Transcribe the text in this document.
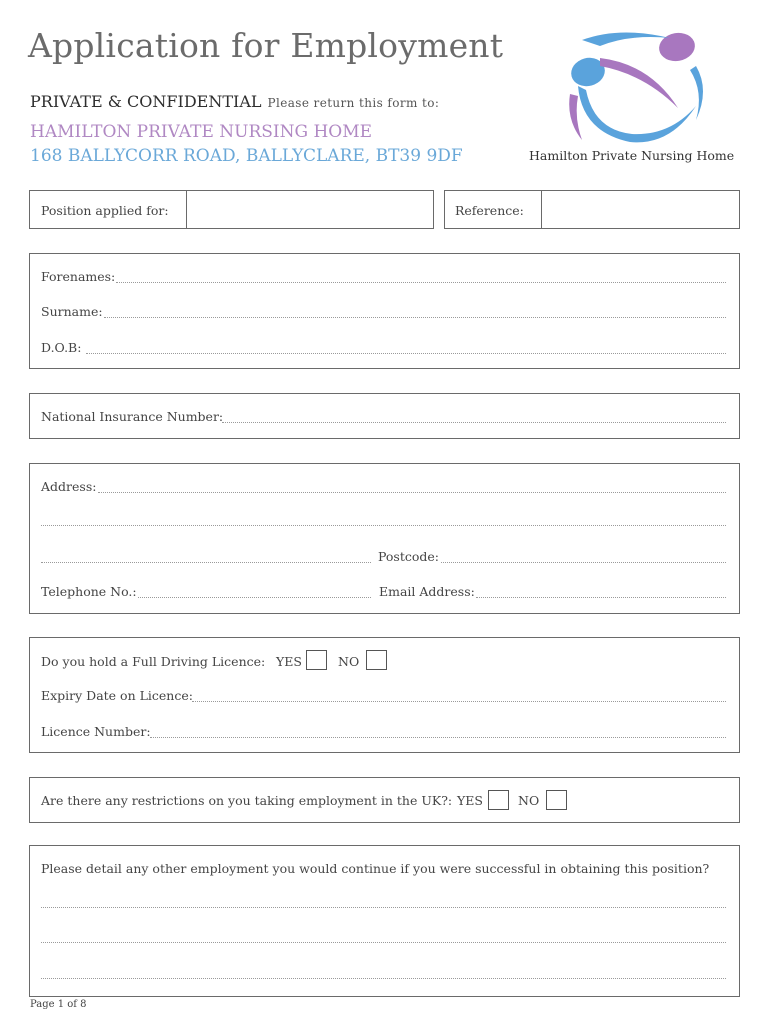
Application for Employment
PRIVATE & CONFIDENTIAL Please return this form to:
HAMILTON PRIVATE NURSING HOME
168 BALLYCORR ROAD, BALLYCLARE, BT39 9DF	Hamilton Private Nursing Home
Position applied for:	Reference:
Forenames:
Surname:
D.O.B:
National Insurance Number:
Address:
Postcode:
Telephone No.:	Email Address:
Do you hold a Full Driving Licence: YES	NO
Expiry Date on Licence:
Licence Number:
Are there any restrictions on you taking employment in the UK?: YES	NO
Please detail any other employment you would continue if you were successful in obtaining this position?
Page 1 of 8
